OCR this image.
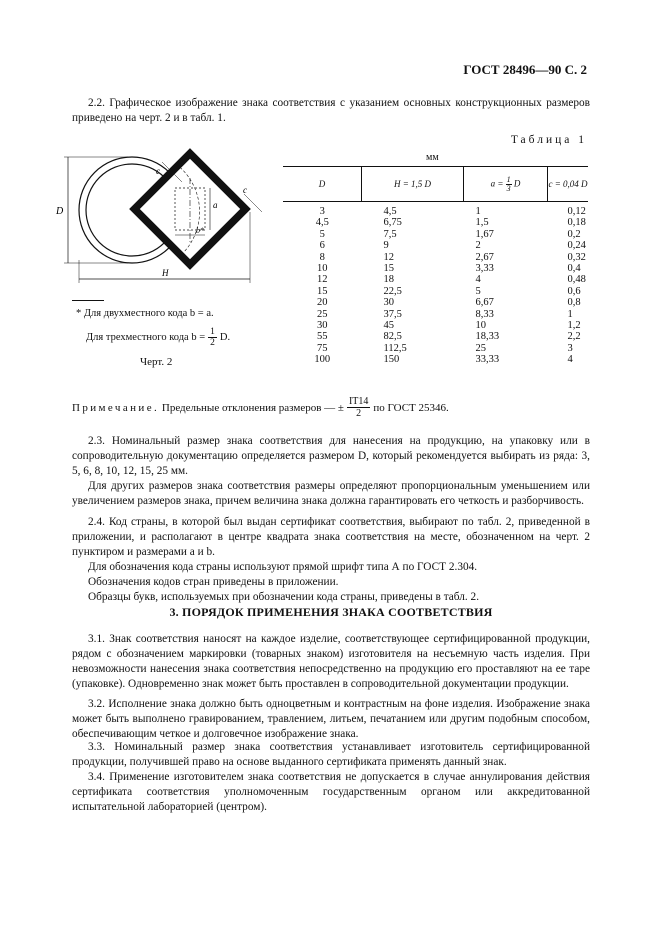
ГОСТ 28496—90 С. 2

2.2. Графическое изображение знака соответствия с указанием основных конструкционных размеров приведено на черт. 2 и в табл. 1.

D
H
a
b*
c
c
* Для двухместного кода b = a.
Для трехместного кода $b = \frac{1}{2} D$.
Черт. 2
Таблица 1
мм
D	H = 1,5 D	$a = \frac{1}{3}$ D	c = 0,04 D
3	4,5	1	0,12
4,5	6,75	1,5	0,18
5	7,5	1,67	0,2
6	9	2	0,24
8	12	2,67	0,32
10	15	3,33	0,4
12	18	4	0,48
15	22,5	5	0,6
20	30	6,67	0,8
25	37,5	8,33	1
30	45	10	1,2
55	82,5	18,33	2,2
75	112,5	25	3
100	150	33,33	4
Примечание.
Предельные отклонения размеров — ± $\frac{IT14}{2}$ по ГОСТ 25346.

2.3. Номинальный размер знака соответствия для нанесения на продукцию, на упаковку или в сопроводительную документацию определяется размером D, который рекомендуется выбирать из ряда: 3, 5, 6, 8, 10, 12, 15, 25 мм.

Для других размеров знака соответствия размеры определяют пропорциональным уменьшением или увеличением размеров знака, причем величина знака должна гарантировать его четкость и разборчивость.

2.4. Код страны, в которой был выдан сертификат соответствия, выбирают по табл. 2, приведенной в приложении, и располагают в центре квадрата знака соответствия на месте, обозначенном на черт. 2 пунктиром и размерами a и b.

Для обозначения кода страны используют прямой шрифт типа А по ГОСТ 2.304.

Обозначения кодов стран приведены в приложении.

Образцы букв, используемых при обозначении кода страны, приведены в табл. 2.

3. ПОРЯДОК ПРИМЕНЕНИЯ ЗНАКА СООТВЕТСТВИЯ

3.1. Знак соответствия наносят на каждое изделие, соответствующее сертифицированной продукции, рядом с обозначением маркировки (товарных знаком) изготовителя на несъемную часть изделия. При невозможности нанесения знака соответствия непосредственно на продукцию его проставляют на ее таре (упаковке). Одновременно знак может быть проставлен в сопроводительной документации продукции.

3.2. Исполнение знака должно быть одноцветным и контрастным на фоне изделия. Изображение знака может быть выполнено гравированием, травлением, литьем, печатанием или другим подобным способом, обеспечивающим четкое и долговечное изображение знака.

3.3. Номинальный размер знака соответствия устанавливает изготовитель сертифицированной продукции, получившей право на основе выданного сертификата применять данный знак.

3.4. Применение изготовителем знака соответствия не допускается в случае аннулирования действия сертификата соответствия уполномоченным государственным органом или аккредитованной испытательной лабораторией (центром).
